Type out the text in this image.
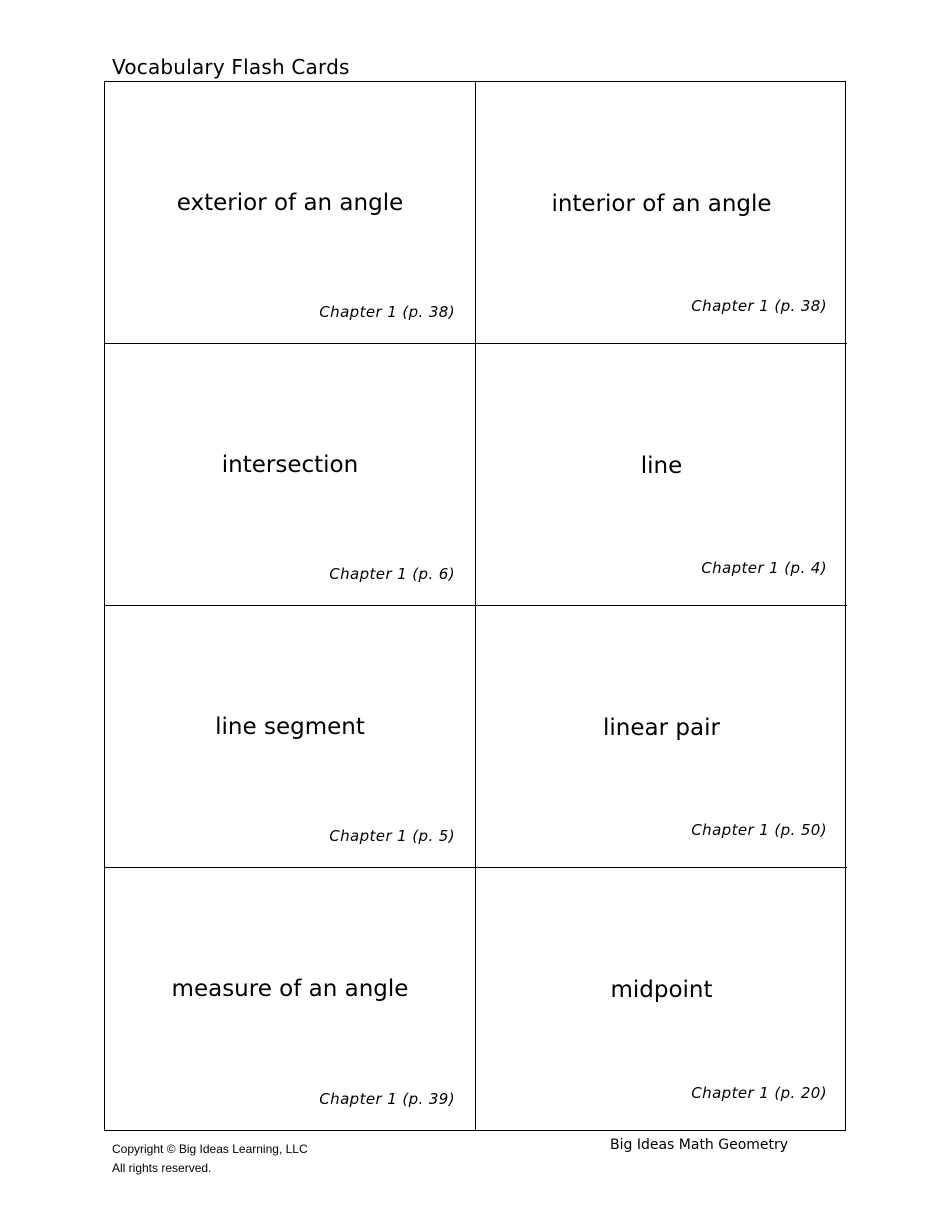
Vocabulary Flash Cards
exterior of an angle
Chapter 1 (p. 38)
interior of an angle
Chapter 1 (p. 38)
intersection
Chapter 1 (p. 6)
line
Chapter 1 (p. 4)
line segment
Chapter 1 (p. 5)
linear pair
Chapter 1 (p. 50)
measure of an angle
Chapter 1 (p. 39)
midpoint
Chapter 1 (p. 20)
Copyright © Big Ideas Learning, LLC
All rights reserved.
Big Ideas Math Geometry
